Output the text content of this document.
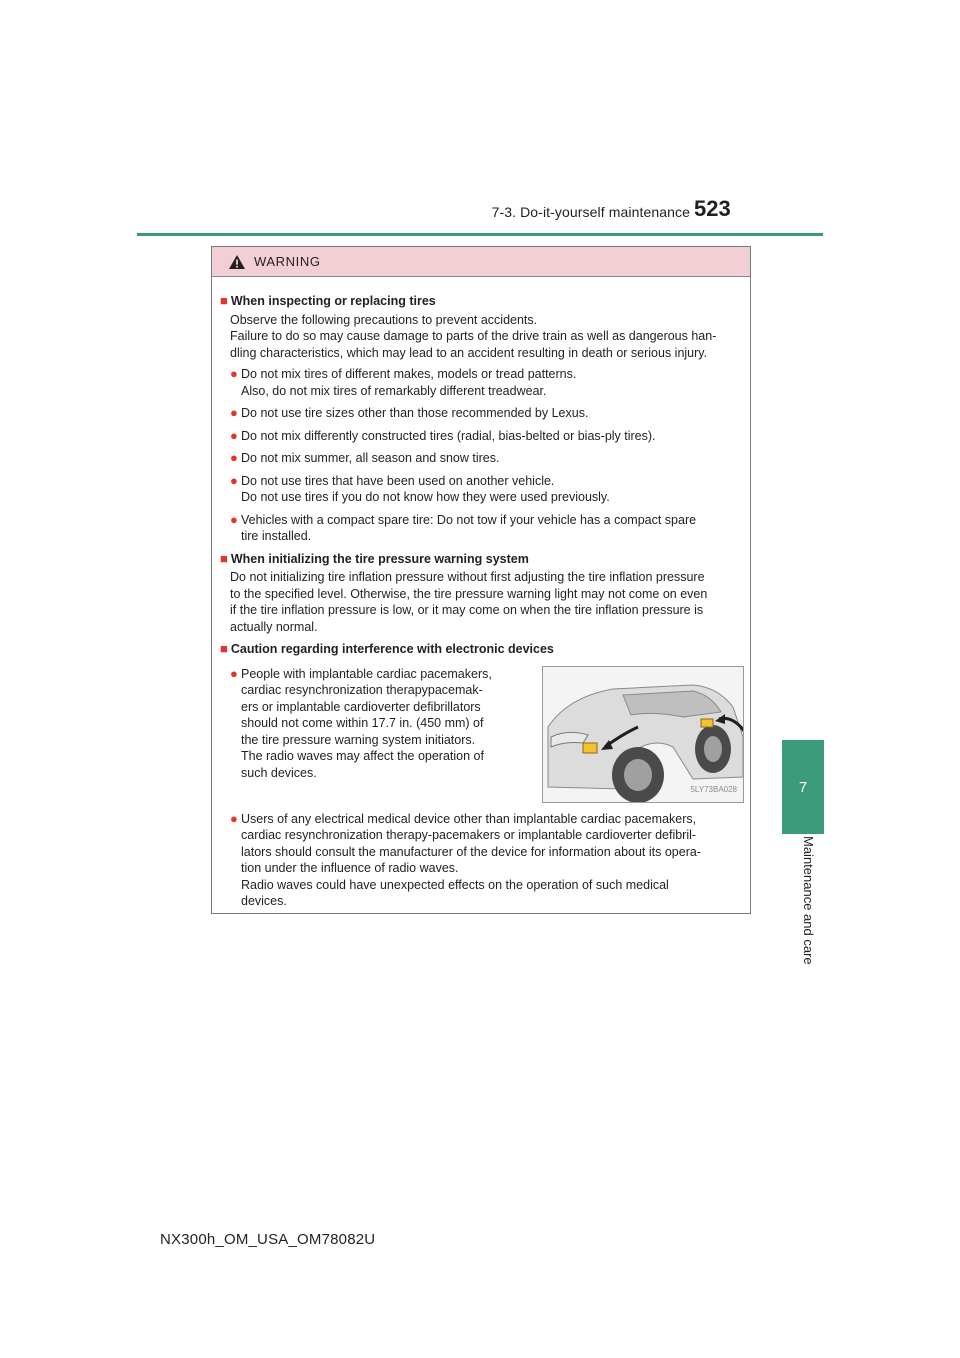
7-3. Do-it-yourself maintenance 523
7
Maintenance and care
WARNING
■ When inspecting or replacing tires
Observe the following precautions to prevent accidents.
Failure to do so may cause damage to parts of the drive train as well as dangerous han-
dling characteristics, which may lead to an accident resulting in death or serious injury.
● Do not mix tires of different makes, models or tread patterns.
Also, do not mix tires of remarkably different treadwear.
● Do not use tire sizes other than those recommended by Lexus.
● Do not mix differently constructed tires (radial, bias-belted or bias-ply tires).
● Do not mix summer, all season and snow tires.
● Do not use tires that have been used on another vehicle.
Do not use tires if you do not know how they were used previously.
● Vehicles with a compact spare tire: Do not tow if your vehicle has a compact spare
tire installed.
■ When initializing the tire pressure warning system
Do not initializing tire inflation pressure without first adjusting the tire inflation pressure
to the specified level. Otherwise, the tire pressure warning light may not come on even
if the tire inflation pressure is low, or it may come on when the tire inflation pressure is
actually normal.
■ Caution regarding interference with electronic devices
● People with implantable cardiac pacemakers,
cardiac resynchronization therapypacemak-
ers or implantable cardioverter defibrillators
should not come within 17.7 in. (450 mm) of
the tire pressure warning system initiators.
The radio waves may affect the operation of
such devices.
5LY73BA028
● Users of any electrical medical device other than implantable cardiac pacemakers,
cardiac resynchronization therapy-pacemakers or implantable cardioverter defibril-
lators should consult the manufacturer of the device for information about its opera-
tion under the influence of radio waves.
Radio waves could have unexpected effects on the operation of such medical
devices.
NX300h_OM_USA_OM78082U
